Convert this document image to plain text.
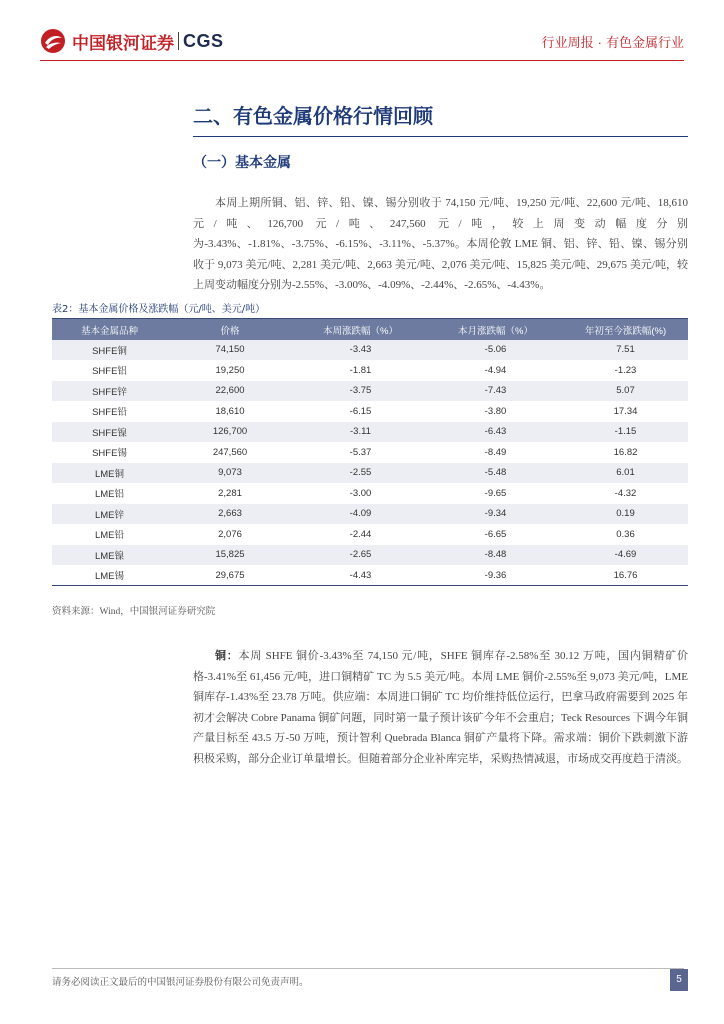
中国银河证券 CGS	行业周报 · 有色金属行业
二、有色金属价格行情回顾
（一）基本金属

本周上期所铜、铝、锌、铅、镍、锡分别收于 74,150 元/吨、19,250 元/吨、22,600 元/吨、18,610 元/吨、126,700 元/吨、247,560 元/吨，较上周变动幅度分别为-3.43%、-1.81%、-3.75%、-6.15%、-3.11%、-5.37%。本周伦敦 LME 铜、铝、锌、铅、镍、锡分别收于 9,073 美元/吨、2,281 美元/吨、2,663 美元/吨、2,076 美元/吨、15,825 美元/吨、29,675 美元/吨，较上周变动幅度分别为-2.55%、-3.00%、-4.09%、-2.44%、-2.65%、-4.43%。

表2：基本金属价格及涨跌幅（元/吨、美元/吨）
基本金属品种	价格	本周涨跌幅（%）	本月涨跌幅（%）	年初至今涨跌幅(%)
SHFE铜	74,150	-3.43	-5.06	7.51
SHFE铝	19,250	-1.81	-4.94	-1.23
SHFE锌	22,600	-3.75	-7.43	5.07
SHFE铅	18,610	-6.15	-3.80	17.34
SHFE镍	126,700	-3.11	-6.43	-1.15
SHFE锡	247,560	-5.37	-8.49	16.82
LME铜	9,073	-2.55	-5.48	6.01
LME铝	2,281	-3.00	-9.65	-4.32
LME锌	2,663	-4.09	-9.34	0.19
LME铅	2,076	-2.44	-6.65	0.36
LME镍	15,825	-2.65	-8.48	-4.69
LME锡	29,675	-4.43	-9.36	16.76
资料来源：Wind，中国银河证券研究院

铜：本周 SHFE 铜价-3.43%至 74,150 元/吨，SHFE 铜库存-2.58%至 30.12 万吨，国内铜精矿价格-3.41%至 61,456 元/吨，进口铜精矿 TC 为 5.5 美元/吨。本周 LME 铜价-2.55%至 9,073 美元/吨，LME 铜库存-1.43%至 23.78 万吨。供应端：本周进口铜矿 TC 均价维持低位运行，巴拿马政府需要到 2025 年初才会解决 Cobre Panama 铜矿问题，同时第一量子预计该矿今年不会重启；Teck Resources 下调今年铜产量目标至 43.5 万-50 万吨，预计智利 Quebrada Blanca 铜矿产量将下降。需求端：铜价下跌刺激下游积极采购，部分企业订单量增长。但随着部分企业补库完毕，采购热情减退，市场成交再度趋于清淡。

请务必阅读正文最后的中国银河证券股份有限公司免责声明。	5
